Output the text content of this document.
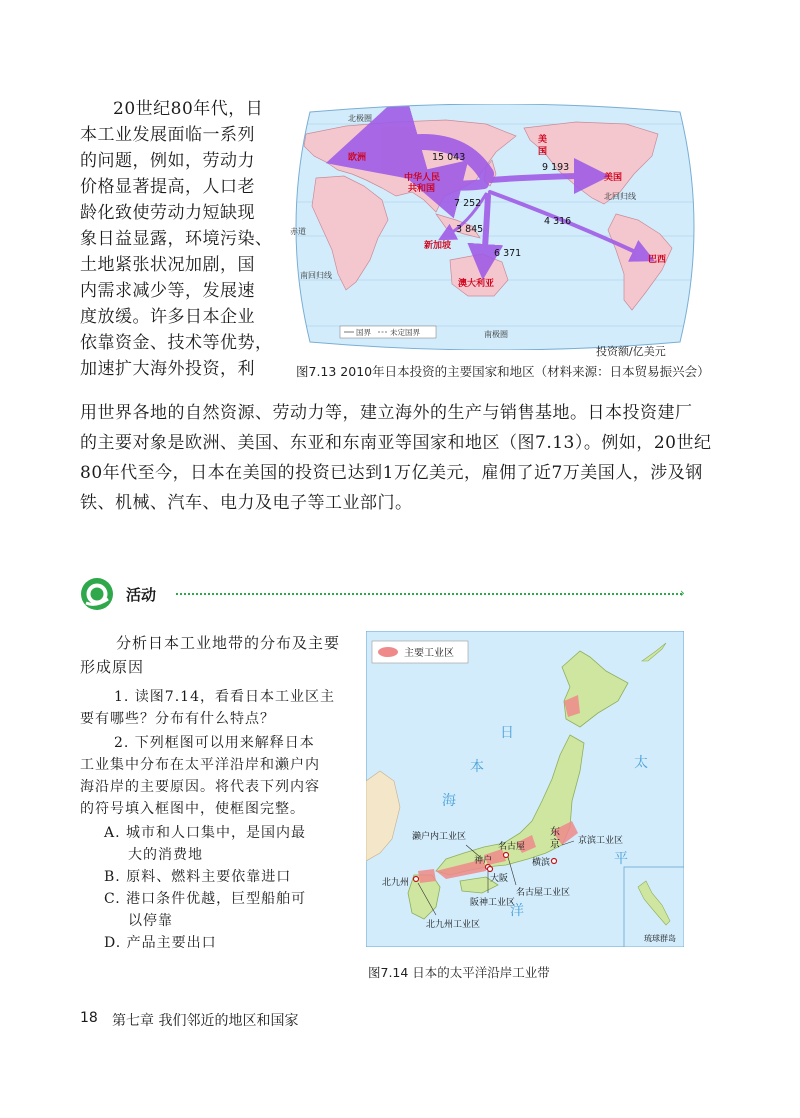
20世纪80年代，日
本工业发展面临一系列
的问题，例如，劳动力
价格显著提高，人口老
龄化致使劳动力短缺现
象日益显露，环境污染、
土地紧张状况加剧，国
内需求减少等，发展速
度放缓。许多日本企业
依靠资金、技术等优势，
加速扩大海外投资，利
用世界各地的自然资源、劳动力等，建立海外的生产与销售基地。日本投资建厂
的主要对象是欧洲、美国、东亚和东南亚等国家和地区（图7.13）。例如，20世纪
80年代至今，日本在美国的投资已达到1万亿美元，雇佣了近7万美国人，涉及钢
铁、机械、汽车、电力及电子等工业部门。
北极圈
北回归线
赤道
南回归线
南极圈
欧洲
中华人民
共和国
美
国
美国
新加坡
澳大利亚
巴西
15 043
9 193
7 252
4 316
3 845
6 371
国界	未定国界
投资额/亿美元
图7.13 2010年日本投资的主要国家和地区（材料来源：日本贸易振兴会）
活动	›
分析日本工业地带的分布及主要
形成原因
1. 读图7.14，看看日本工业区主
要有哪些？分布有什么特点？
2. 下列框图可以用来解释日本
工业集中分布在太平洋沿岸和濑户内
海沿岸的主要原因。将代表下列内容
的符号填入框图中，使框图完整。
A. 城市和人口集中，是国内最
大的消费地
B. 原料、燃料主要依靠进口
C. 港口条件优越，巨型船舶可
以停靠
D. 产品主要出口
主要工业区
日
本
海
太
平
洋
濑户内工业区	京滨工业区
东
京
横滨
名古屋
名古屋工业区
神户
大阪
阪神工业区
北九州
北九州工业区
琉球群岛
图7.14 日本的太平洋沿岸工业带
18 第七章 我们邻近的地区和国家
